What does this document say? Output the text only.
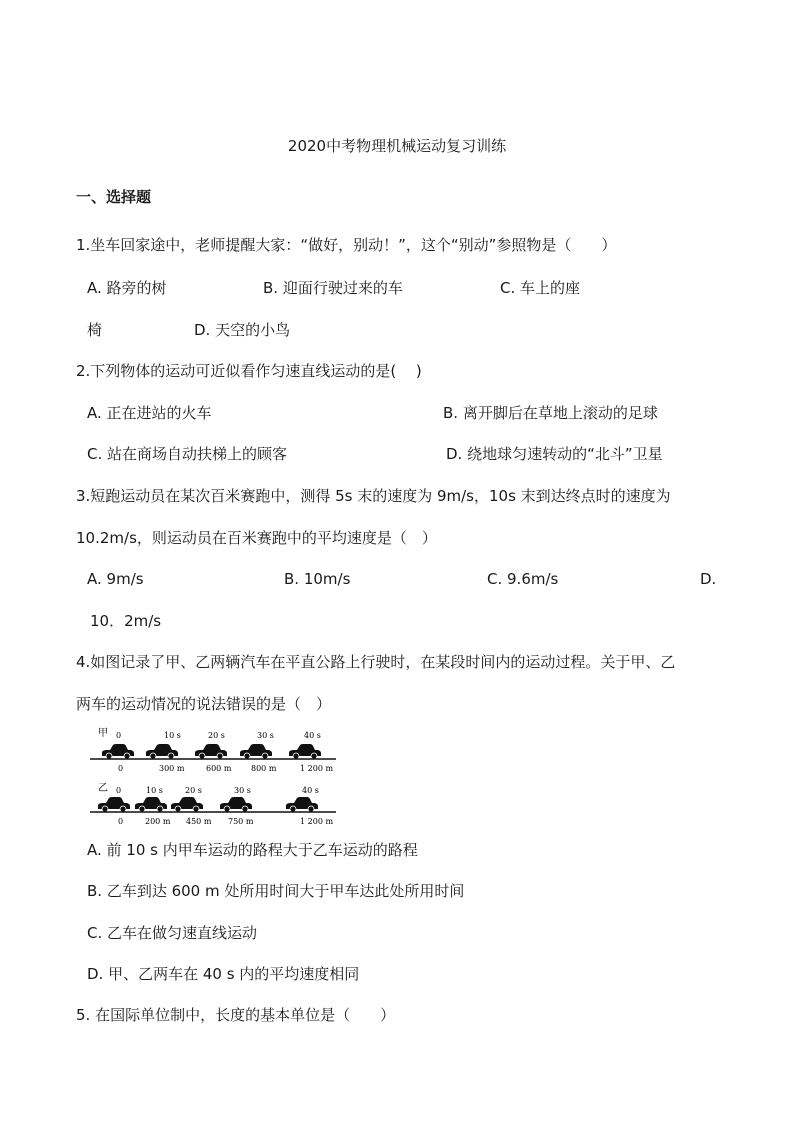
2020中考物理机械运动复习训练
一、选择题
1.坐车回家途中，老师提醒大家：“做好，别动！”，这个“别动”参照物是（　　）
A. 路旁的树	B. 迎面行驶过来的车	C. 车上的座
椅	D. 天空的小鸟
2.下列物体的运动可近似看作匀速直线运动的是(　 )
A. 正在进站的火车	B. 离开脚后在草地上滚动的足球
C. 站在商场自动扶梯上的顾客	D. 绕地球匀速转动的“北斗”卫星
3.短跑运动员在某次百米赛跑中，测得 5s 末的速度为 9m/s，10s 末到达终点时的速度为
10.2m/s，则运动员在百米赛跑中的平均速度是（　）
A. 9m/s	B. 10m/s	C. 9.6m/s	D.
10．2m/s
4.如图记录了甲、乙两辆汽车在平直公路上行驶时，在某段时间内的运动过程。关于甲、乙
两车的运动情况的说法错误的是（　）
甲 0	10 s	20 s	30 s	40 s
0	300 m	600 m 800 m	1 200 m
乙 0	10 s	20 s	30 s	40 s
0	200 m 450 m 750 m	1 200 m
A. 前 10 s 内甲车运动的路程大于乙车运动的路程
B. 乙车到达 600 m 处所用时间大于甲车达此处所用时间
C. 乙车在做匀速直线运动
D. 甲、乙两车在 40 s 内的平均速度相同
5. 在国际单位制中，长度的基本单位是（　　）
